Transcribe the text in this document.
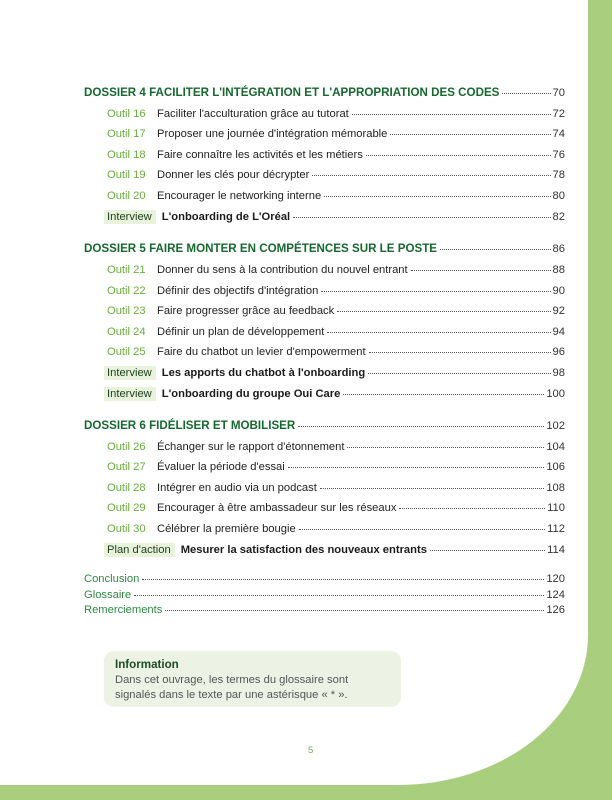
DOSSIER 4 FACILITER L'INTÉGRATION ET L'APPROPRIATION DES CODES	70
Outil 16	Faciliter l'acculturation grâce au tutorat	72
Outil 17	Proposer une journée d'intégration mémorable	74
Outil 18	Faire connaître les activités et les métiers	76
Outil 19	Donner les clés pour décrypter	78
Outil 20	Encourager le networking interne	80
Interview L'onboarding de L'Oréal	82
DOSSIER 5 FAIRE MONTER EN COMPÉTENCES SUR LE POSTE	86
Outil 21	Donner du sens à la contribution du nouvel entrant	88
Outil 22	Définir des objectifs d'intégration	90
Outil 23	Faire progresser grâce au feedback	92
Outil 24	Définir un plan de développement	94
Outil 25	Faire du chatbot un levier d'empowerment	96
Interview Les apports du chatbot à l'onboarding	98
Interview L'onboarding du groupe Oui Care	100
DOSSIER 6 FIDÉLISER ET MOBILISER	102
Outil 26	Échanger sur le rapport d'étonnement	104
Outil 27	Évaluer la période d'essai	106
Outil 28	Intégrer en audio via un podcast	108
Outil 29	Encourager à être ambassadeur sur les réseaux	110
Outil 30	Célébrer la première bougie	112
Plan d'action Mesurer la satisfaction des nouveaux entrants	114
Conclusion	120
Glossaire	124
Remerciements	126
Information
Dans cet ouvrage, les termes du glossaire sont signalés dans le texte par une astérisque « * ».
5
